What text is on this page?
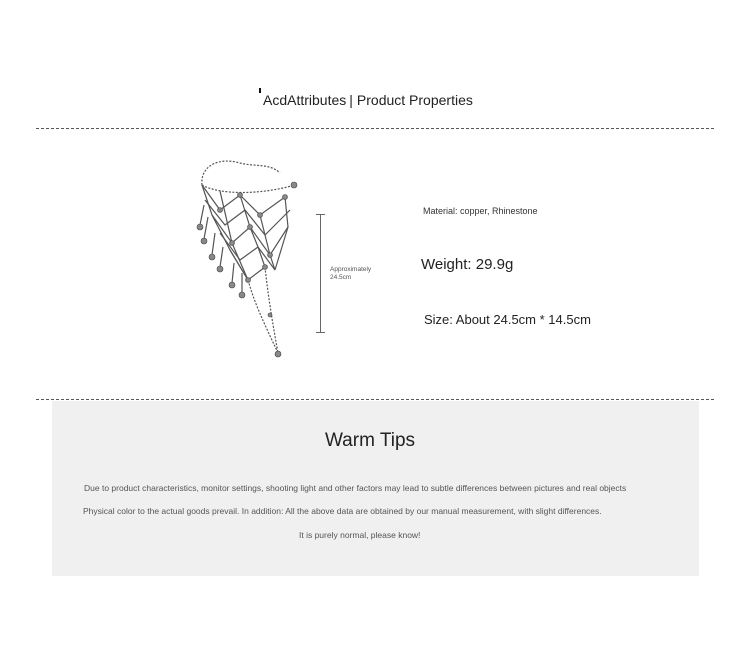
AcdAttributes | Product Properties
Approximately
24.5cm
Material: copper, Rhinestone
Weight: 29.9g
Size: About 24.5cm * 14.5cm
Warm Tips
Due to product characteristics, monitor settings, shooting light and other factors may lead to subtle differences between pictures and real objects
Physical color to the actual goods prevail. In addition: All the above data are obtained by our manual measurement, with slight differences.
It is purely normal, please know!
